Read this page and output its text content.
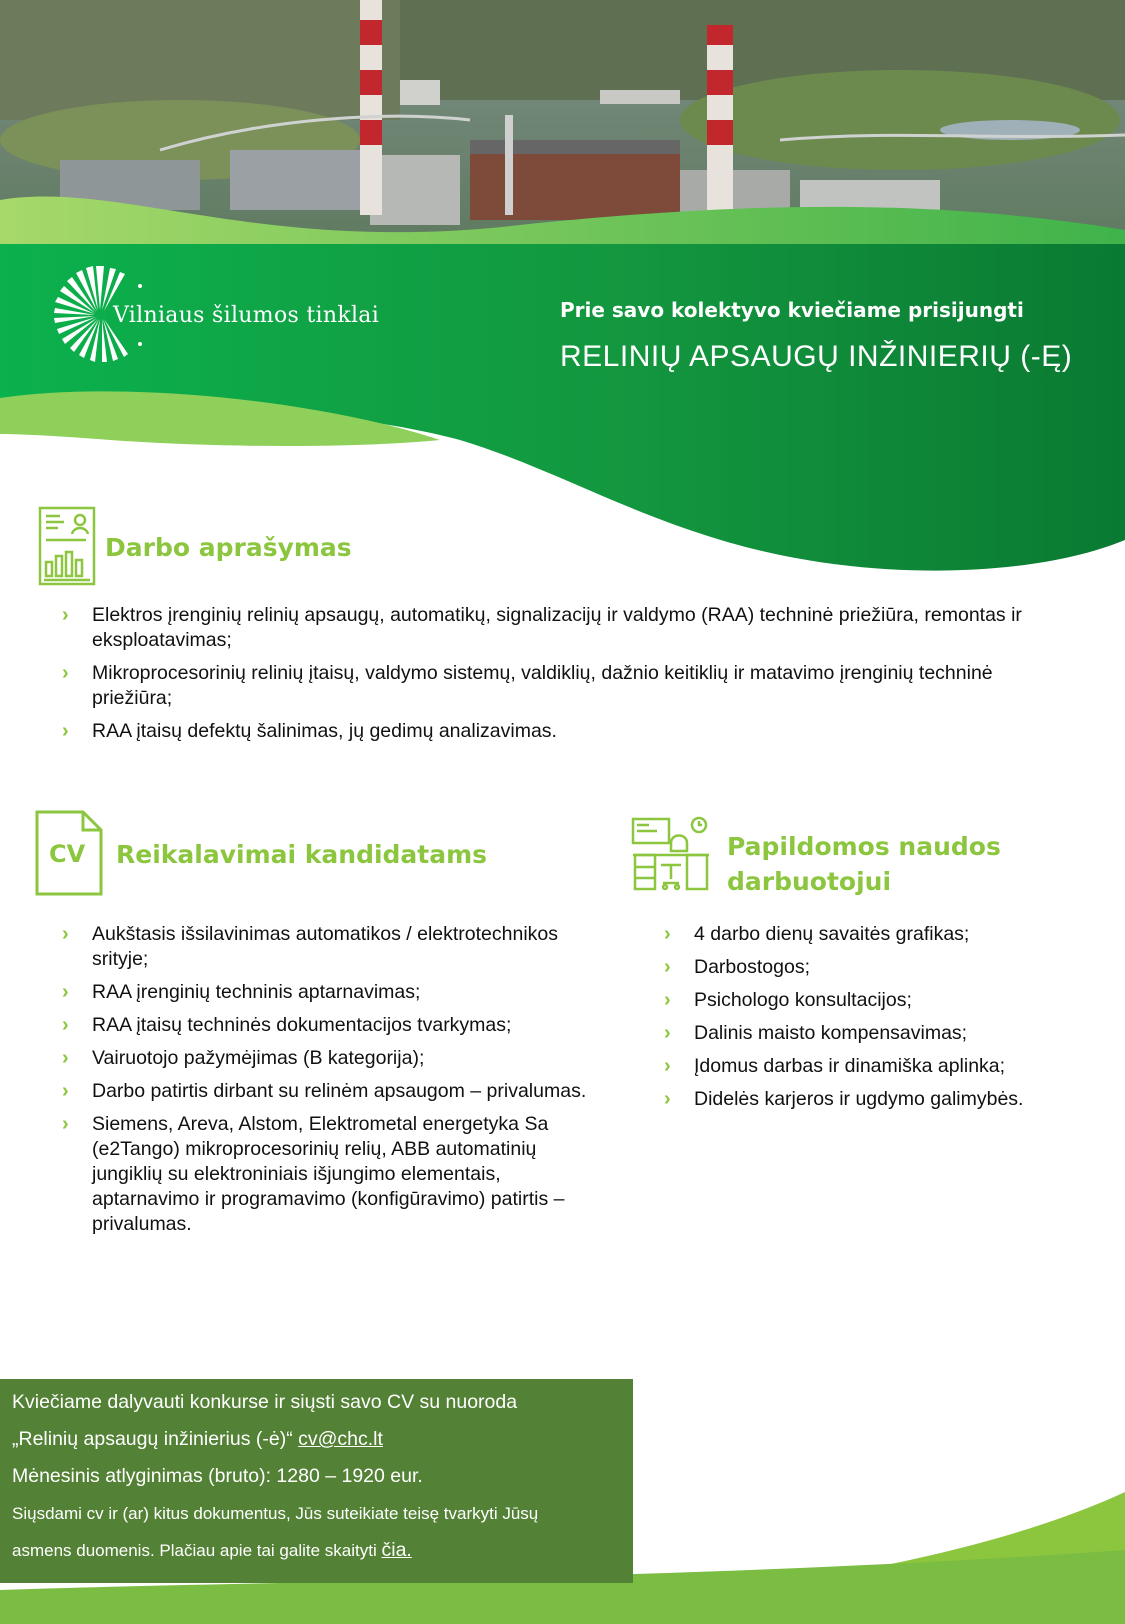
Vilniaus šilumos tinklai	Prie savo kolektyvo kviečiame prisijungti
RELINIŲ APSAUGŲ INŽINIERIŲ (-Ę)
Darbo aprašymas
› Elektros įrenginių relinių apsaugų, automatikų, signalizacijų ir valdymo (RAA) techninė priežiūra, remontas ir eksploatavimas;
› Mikroprocesorinių relinių įtaisų, valdymo sistemų, valdiklių, dažnio keitiklių ir matavimo įrenginių techninė priežiūra;
› RAA įtaisų defektų šalinimas, jų gedimų analizavimas.
CV Reikalavimai kandidatams
› Aukštasis išsilavinimas automatikos / elektrotechnikos srityje;
› RAA įrenginių techninis aptarnavimas;
› RAA įtaisų techninės dokumentacijos tvarkymas;
› Vairuotojo pažymėjimas (B kategorija);
› Darbo patirtis dirbant su relinėm apsaugom – privalumas.
› Siemens, Areva, Alstom, Elektrometal energetyka Sa (e2Tango) mikroprocesorinių relių, ABB automatinių jungiklių su elektroniniais išjungimo elementais, aptarnavimo ir programavimo (konfigūravimo) patirtis – privalumas.
Papildomos naudos
darbuotojui
› 4 darbo dienų savaitės grafikas;
› Darbostogos;
› Psichologo konsultacijos;
› Dalinis maisto kompensavimas;
› Įdomus darbas ir dinamiška aplinka;
› Didelės karjeros ir ugdymo galimybės.

Kviečiame dalyvauti konkurse ir siųsti savo CV su nuoroda

„Relinių apsaugų inžinierius (-ė)“ cv@chc.lt

Mėnesinis atlyginimas (bruto): 1280 – 1920 eur.

Siųsdami cv ir (ar) kitus dokumentus, Jūs suteikiate teisę tvarkyti Jūsų

asmens duomenis. Plačiau apie tai galite skaityti čia.
